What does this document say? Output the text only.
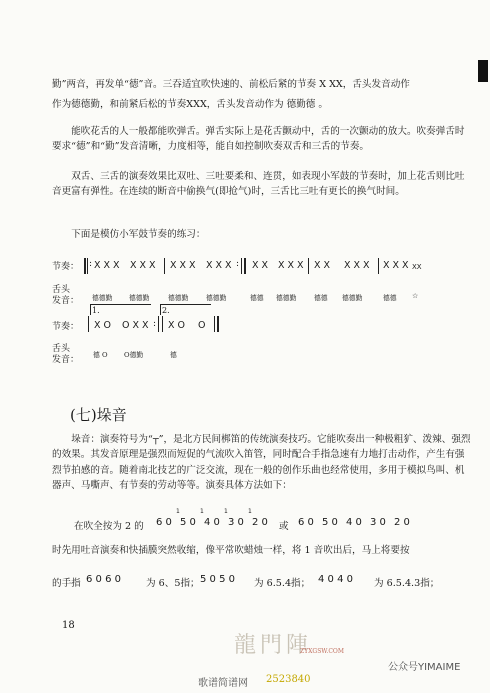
勤”两音，再发单“德”音。三吞适宜吹快速的、前松后紧的节奏 X XX，舌头发音动作

作为德德勤，和前紧后松的节奏XXX，舌头发音动作为 德勤德 。

能吹花舌的人一般都能吹弹舌。弹舌实际上是花舌颤动中，舌的一次颤动的放大。吹奏弹舌时要求“德”和“勤”发音清晰，力度相等，能自如控制吹奏双舌和三舌的节奏。

双舌、三舌的演奏效果比双吐、三吐要柔和、连贯，如表现小军鼓的节奏时，加上花舌则比吐音更富有弹性。在连续的断音中偷换气(即抢气)时，三舌比三吐有更长的换气时间。

下面是模仿小军鼓节奏的练习：

节奏： : X X X X X X X X X X X X X X X X X X X X X X X X X XX
:
舌头
发音： 德德勤 德德勤	德德勤	德德勤	德德 德德勤	德德 德德勤	德德 ☆
1.	2.
节奏： X O O X X X O O
:
舌头
发音： 德 O O德勤	德
(七)垛音

垛音：演奏符号为“┬”，是北方民间梆笛的传统演奏技巧。它能吹奏出一种极粗犷、泼辣、强烈的效果。其发音原理是强烈而短促的气流吹入笛管，同时配合手指急速有力地打击动作，产生有强烈节拍感的音。随着南北技艺的广泛交流，现在一般的创作乐曲也经常使用，多用于模拟鸟叫、机器声、马嘶声、有节奏的劳动等等。演奏具体方法如下：

在吹全按为 2 的
1	1	1	1
6 0 5 0 4 0 3 0 2 0 或 6 0 5 0 4 0 3 0 2 0

时先用吐音演奏和快插膜突然收缩，像平常吹蜡烛一样，将 1 音吹出后，马上将要按

的手指 6 0 6 0	为 6、5指； 5 0 5 0 为 6.5.4指； 4 0 4 0 为 6.5.4.3指；
18
龍門陣
ZYXGSW.COM
公众号YIMAIME
歌谱简谱网 2523840
